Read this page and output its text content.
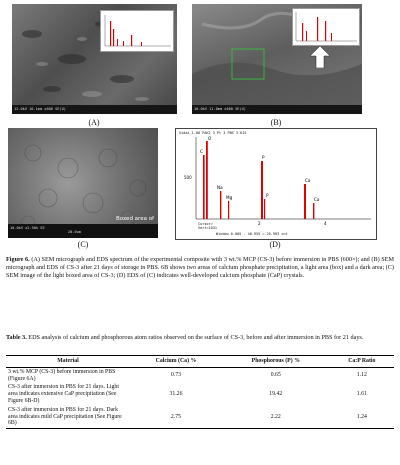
12.0kV 10.1mm x600 SE(U)
(A)
10.0kV 11.0mm x600 SE(U)
(B)
10.0kV x2.50k SE
20.0um
Boxed area of
(C)
Vidai_1.00 PAK2 3 Pt 3 PBS 3 KIS
500
2	4
C
O
Na
P
Mg	P
Ca
Ca
Cursor=
Vert=1031
Window 0.005 - 40.955 = 25.983 cnt
(D)
Figure 6. (A) SEM micrograph and EDS spectrum of the experimental composite with 3 wt.% MCP (CS-3) before immersion in PBS (600×); and (B) SEM micrograph and EDS of CS-3 after 21 days of storage in PBS. 6B shows two areas of calcium phosphate precipitation, a light area (box) and a dark area; (C) SEM image of the light boxed area of CS-3; (D) EDS of (C) indicates well-developed calcium phosphate (CaP) crystals.
Table 3. EDS analysis of calcium and phosphorous atom ratios observed on the surface of CS-3, before and after immersion in PBS for 21 days.
Material	Calcium (Ca) %	Phosphorous (P) %	Ca:P Ratio
3 wt.% MCP (CS-3) before immersion in PBS (Figure 6A)	0.73	0.65	1.12
CS-3 after immersion in PBS for 21 days. Light area indicates extensive CaP precipitation (See Figure 6B-D)	31.26	19.42	1.61
CS-3 after immersion in PBS for 21 days. Dark area indicates mild CaP precipitation (See Figure 6B)	2.75	2.22	1.24
